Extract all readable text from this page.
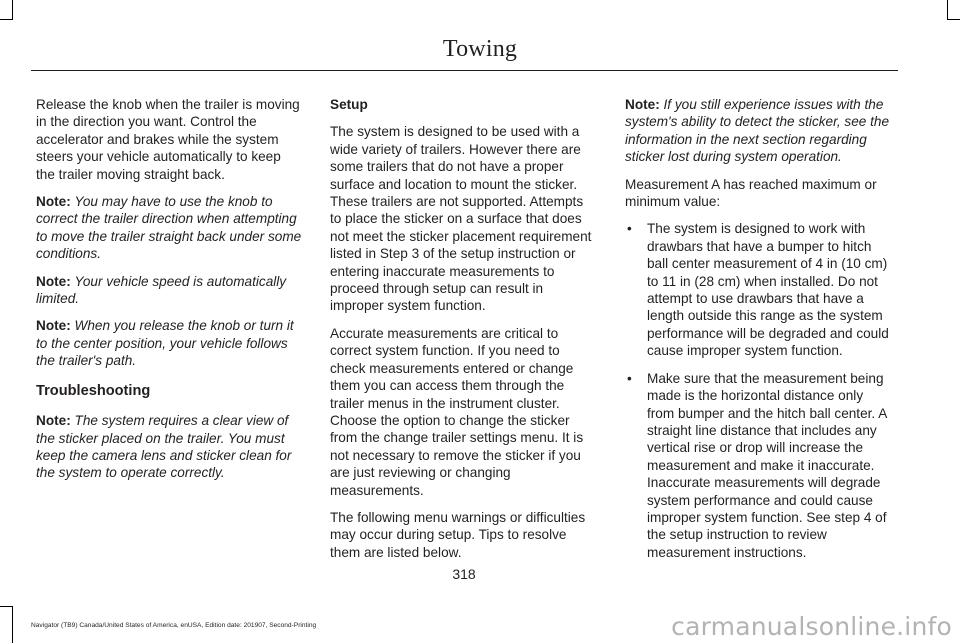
Towing

Release the knob when the trailer is moving in the direction you want. Control the accelerator and brakes while the system steers your vehicle automatically to keep the trailer moving straight back.

Note: You may have to use the knob to correct the trailer direction when attempting to move the trailer straight back under some conditions.

Note: Your vehicle speed is automatically limited.

Note: When you release the knob or turn it to the center position, your vehicle follows the trailer's path.

Troubleshooting

Note: The system requires a clear view of the sticker placed on the trailer. You must keep the camera lens and sticker clean for the system to operate correctly.

Setup

The system is designed to be used with a wide variety of trailers. However there are some trailers that do not have a proper surface and location to mount the sticker. These trailers are not supported. Attempts to place the sticker on a surface that does not meet the sticker placement requirement listed in Step 3 of the setup instruction or entering inaccurate measurements to proceed through setup can result in improper system function.

Accurate measurements are critical to correct system function. If you need to check measurements entered or change them you can access them through the trailer menus in the instrument cluster. Choose the option to change the sticker from the change trailer settings menu. It is not necessary to remove the sticker if you are just reviewing or changing measurements.

The following menu warnings or difficulties may occur during setup. Tips to resolve them are listed below.

Note: If you still experience issues with the system's ability to detect the sticker, see the information in the next section regarding sticker lost during system operation.

Measurement A has reached maximum or minimum value:

• The system is designed to work with drawbars that have a bumper to hitch ball center measurement of 4 in (10 cm) to 11 in (28 cm) when installed. Do not attempt to use drawbars that have a length outside this range as the system performance will be degraded and could cause improper system function.
• Make sure that the measurement being made is the horizontal distance only from bumper and the hitch ball center. A straight line distance that includes any vertical rise or drop will increase the measurement and make it inaccurate. Inaccurate measurements will degrade system performance and could cause improper system function. See step 4 of the setup instruction to review measurement instructions.
318
Navigator (TB9) Canada/United States of America, enUSA, Edition date: 201907, Second-Printing	carmanualsonline.info
